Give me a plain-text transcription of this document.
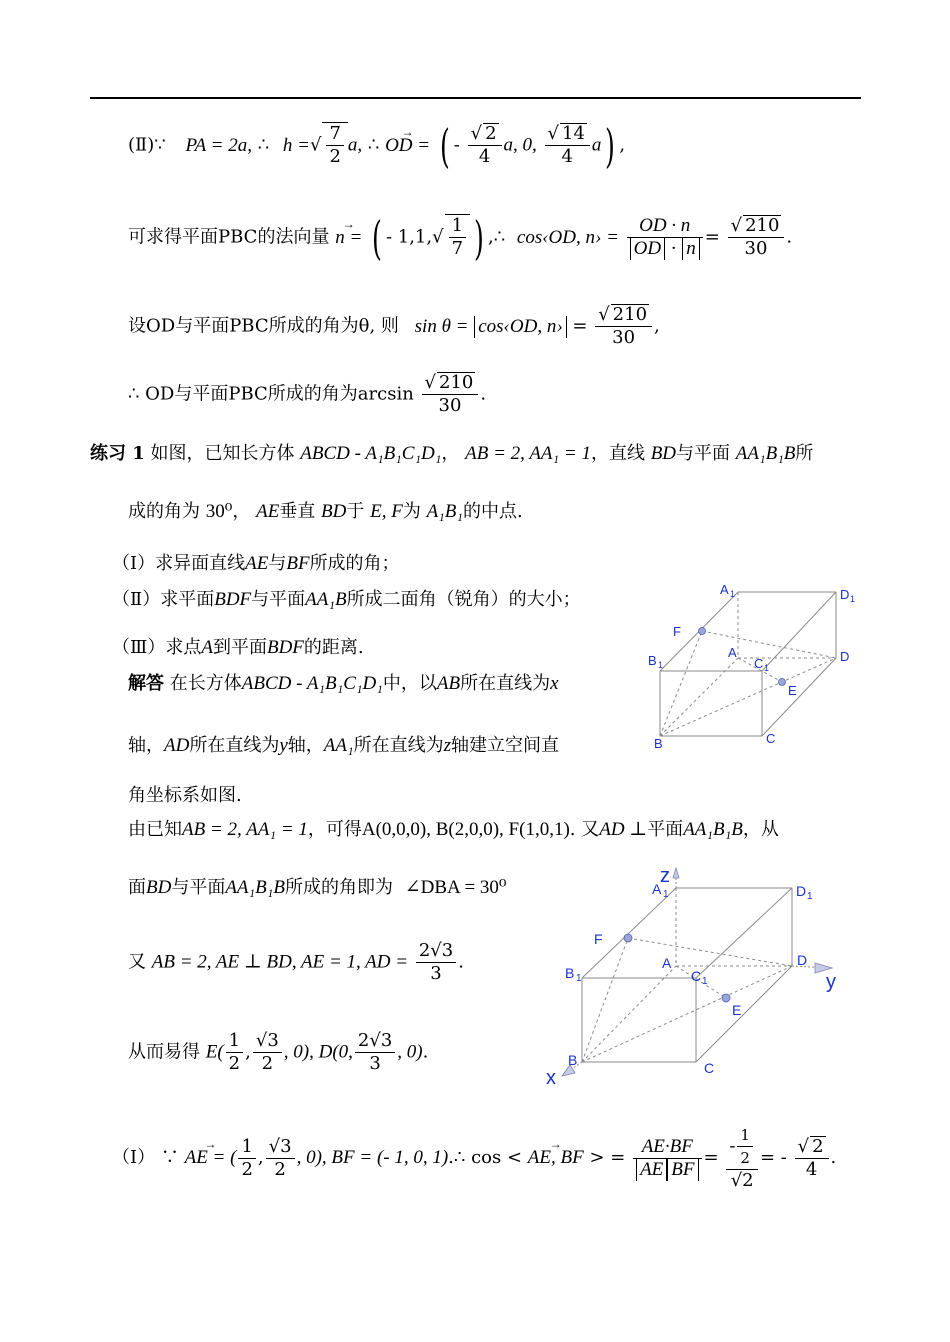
(Ⅱ)∵ PA = 2a, ∴ h =√ $\frac{7}{2} a$, ∴ → OD = ( - $\frac{√ 2}{4} a$, 0, $\frac{√ 14}{4} a$) ,
可求得平面PBC的法向量 → n = ( - $1,1,√ \frac{1}{7}$ ) ,∴ cos‹OD, n› = $\frac{OD \cdot n}{OD \cdot n} = \frac{√ 210}{30}$ .
设OD与平面PBC所成的角为θ, 则 sin θ = cos‹OD, n› = $\frac{√ 210}{30}$ ,
∴ OD与平面PBC所成的角为$\arcsin \frac{√ 210}{30}$ .
练习 1 如图，已知长方体 ABCD - A₁B₁C₁D₁， AB = 2, AA₁ = 1，直线 BD与平面 AA₁B₁B所
成的角为 30⁰， AE垂直 BD于 E, F为 A₁B₁的中点.
（Ⅰ）求异面直线AE与BF所成的角；
（Ⅱ）求平面BDF与平面AA₁B所成二面角（锐角）的大小；
（Ⅲ）求点A到平面BDF的距离.
解答 在长方体ABCD - A₁B₁C₁D₁中，以AB所在直线为x
轴，AD所在直线为y轴，AA₁所在直线为z轴建立空间直
角坐标系如图.
由已知AB = 2, AA₁ = 1，可得A(0,0,0), B(2,0,0), F(1,0,1). 又AD ⊥平面AA₁B₁B，从
面BD与平面AA₁B₁B所成的角即为 ∠DBA = 30⁰
又 AB = 2, AE ⊥ BD, AE = 1, AD = $\frac{2√3}{3}$ .
从而易得 $E( \frac{1}{2}$ , $\frac{√3}{2}$ , 0), D(0, $\frac{2√3}{3}$ , 0).
（Ⅰ） ∵ → AE = ( $\frac{1}{2}$ , $\frac{√3}{2}$ , 0), BF = (- 1, 0, 1).∴ cos < → AE, BF > = $\frac{AE\cdot BF}{\text{AE BF}} = \frac{- \frac{1}{2}}{√2}$ = - $\frac{√ 2}{4}$ .
A 1	D 1
F
A
C 1
D
B 1
E
B	C
z
A 1	D 1
F
A
C 1
D
y
B 1
E
B
x	C
